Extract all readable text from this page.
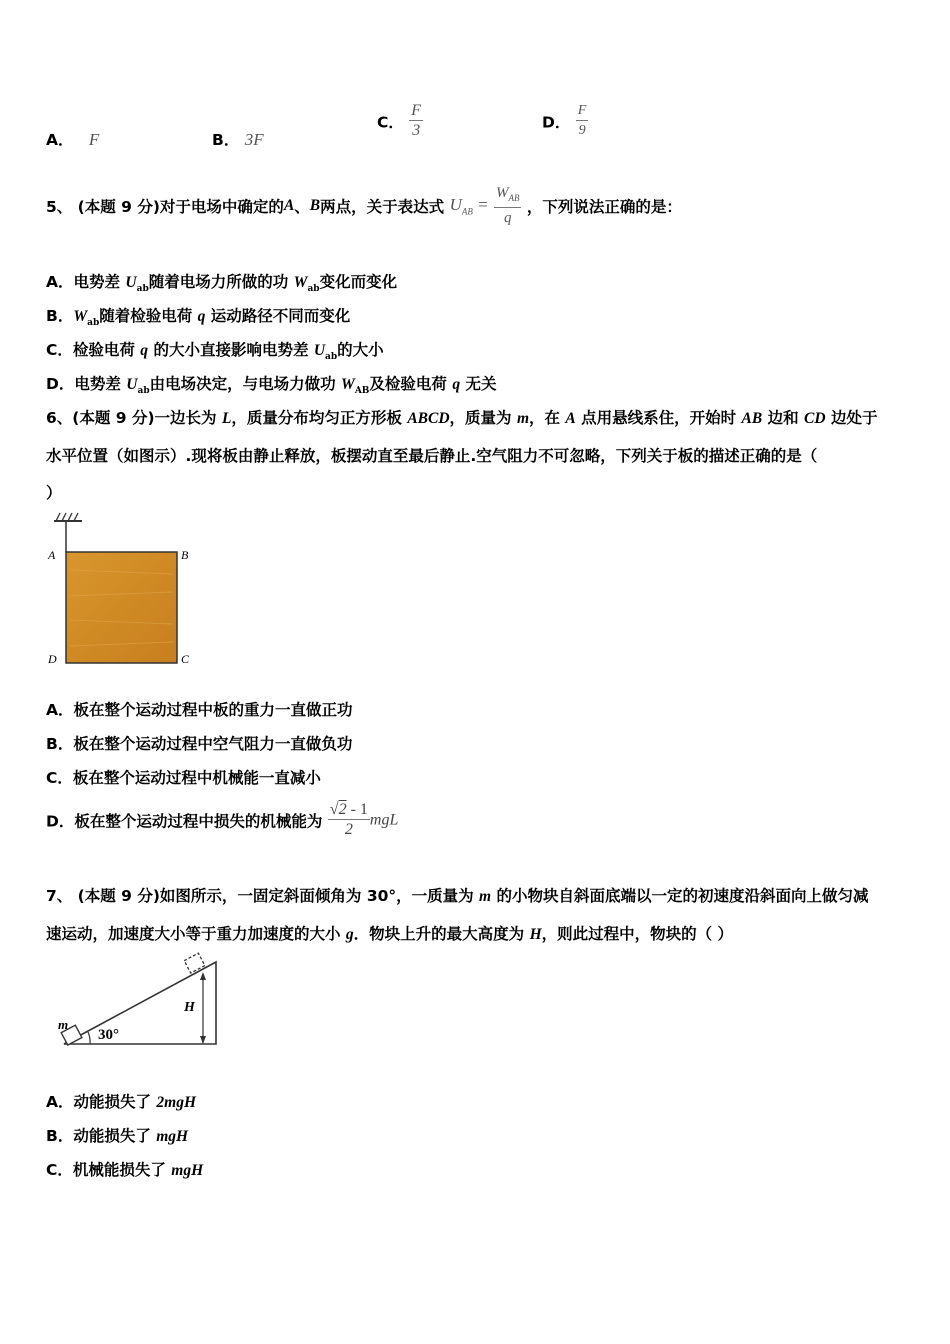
A． F	B． 3F
C． $\frac{F}{3}$	D． $\frac{F}{9}$
5、 (本题 9 分)对于电场中确定的A、B两点，关于表达式 $U_{AB} = \frac{W_{AB}}{q}$ ，下列说法正确的是：
A．电势差 $U_{ab}$随着电场力所做的功 $W_{ab}$变化而变化
B．$W_{ab}$随着检验电荷 q 运动路径不同而变化
C．检验电荷 q 的大小直接影响电势差 $U_{ab}$的大小
D．电势差 $U_{ab}$由电场决定，与电场力做功 $W_{AB}$及检验电荷 q 无关
6、(本题 9 分)一边长为 L，质量分布均匀正方形板 ABCD，质量为 m，在 A 点用悬线系住，开始时 AB 边和 CD 边处于
水平位置（如图示）.现将板由静止释放，板摆动直至最后静止.空气阻力不可忽略，下列关于板的描述正确的是（
）
A	B
C
D
A．板在整个运动过程中板的重力一直做正功
B．板在整个运动过程中空气阻力一直做负功
C．板在整个运动过程中机械能一直减小
D．板在整个运动过程中损失的机械能为 $\frac{√2 - 1}{2}$ mgL
7、 (本题 9 分)如图所示，一固定斜面倾角为 30°，一质量为 m 的小物块自斜面底端以一定的初速度沿斜面向上做匀减
速运动，加速度大小等于重力加速度的大小 g．物块上升的最大高度为 H，则此过程中，物块的（ ）
m
30°
H
A．动能损失了 2mgH
B．动能损失了 mgH
C．机械能损失了 mgH
